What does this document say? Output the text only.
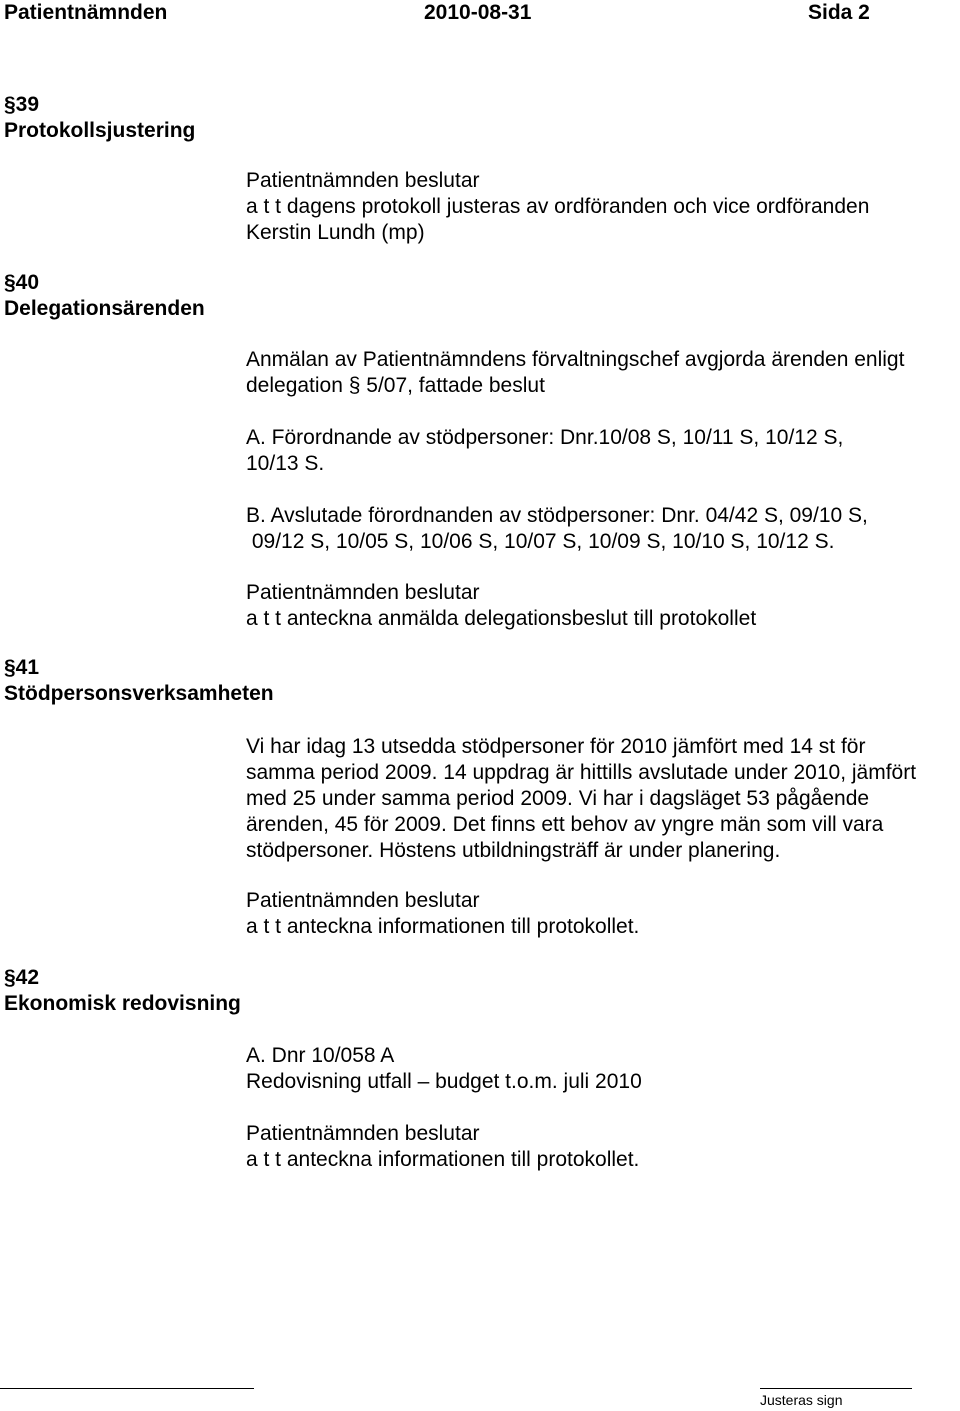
Patientnämnden	2010-08-31	Sida 2
§39
Protokollsjustering
§40
Delegationsärenden
§41
Stödpersonsverksamheten
§42
Ekonomisk redovisning
Patientnämnden beslutar
a t t dagens protokoll justeras av ordföranden och vice ordföranden
Kerstin Lundh (mp)
Anmälan av Patientnämndens förvaltningschef avgjorda ärenden enligt
delegation § 5/07, fattade beslut
A. Förordnande av stödpersoner: Dnr.10/08 S, 10/11 S, 10/12 S,
10/13 S.
B. Avslutade förordnanden av stödpersoner: Dnr. 04/42 S, 09/10 S,
09/12 S, 10/05 S, 10/06 S, 10/07 S, 10/09 S, 10/10 S, 10/12 S.
Patientnämnden beslutar
a t t anteckna anmälda delegationsbeslut till protokollet
Vi har idag 13 utsedda stödpersoner för 2010 jämfört med 14 st för
samma period 2009. 14 uppdrag är hittills avslutade under 2010, jämfört
med 25 under samma period 2009. Vi har i dagsläget 53 pågående
ärenden, 45 för 2009. Det finns ett behov av yngre män som vill vara
stödpersoner. Höstens utbildningsträff är under planering.
Patientnämnden beslutar
a t t anteckna informationen till protokollet.
A. Dnr 10/058 A
Redovisning utfall – budget t.o.m. juli 2010
Patientnämnden beslutar
a t t anteckna informationen till protokollet.
Justeras sign
